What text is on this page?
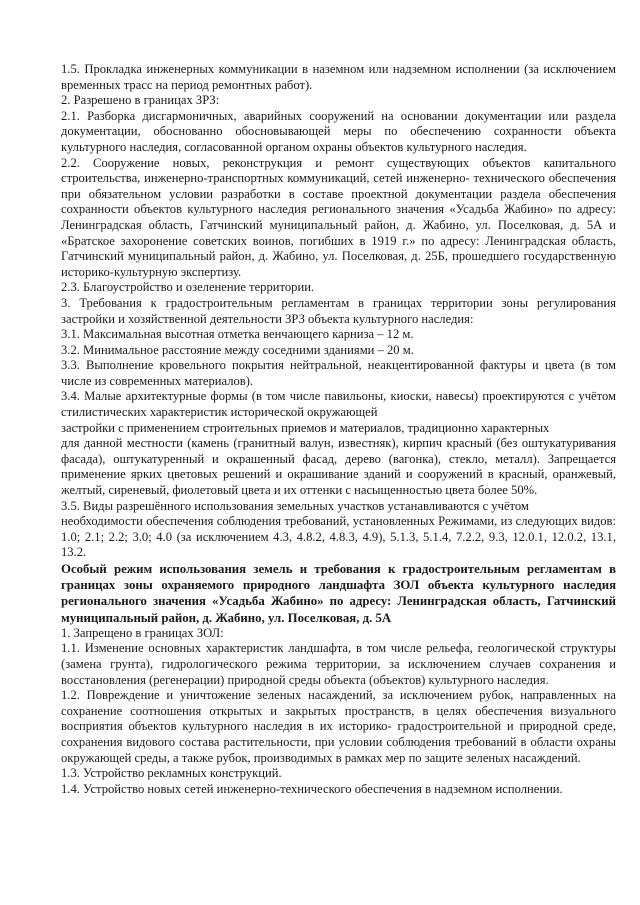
1.5. Прокладка инженерных коммуникации в наземном или надземном исполнении (за исключением временных трасс на период ремонтных работ).

2. Разрешено в границах ЗРЗ:

2.1. Разборка дисгармоничных, аварийных сооружений на основании документации или раздела документации, обоснованно обосновывающей меры по обеспечению сохранности объекта культурного наследия, согласованной органом охраны объектов культурного наследия.

2.2. Сооружение новых, реконструкция и ремонт существующих объектов капитального строительства, инженерно-транспортных коммуникаций, сетей инженерно- технического обеспечения при обязательном условии разработки в составе проектной документации раздела обеспечения сохранности объектов культурного наследия регионального значения «Усадьба Жабино» по адресу: Ленинградская область, Гатчинский муниципальный район, д. Жабино, ул. Поселковая, д. 5А и «Братское захоронение советских воинов, погибших в 1919 г.» по адресу: Ленинградская область, Гатчинский муниципальный район, д. Жабино, ул. Поселковая, д. 25Б, прошедшего государственную историко-культурную экспертизу.

2.3. Благоустройство и озеленение территории.

3. Требования к градостроительным регламентам в границах территории зоны регулирования застройки и хозяйственной деятельности ЗРЗ объекта культурного наследия:

3.1. Максимальная высотная отметка венчающего карниза – 12 м.

3.2. Минимальное расстояние между соседними зданиями – 20 м.

3.3. Выполнение кровельного покрытия нейтральной, неакцентированной фактуры и цвета (в том числе из современных материалов).

3.4. Малые архитектурные формы (в том числе павильоны, киоски, навесы) проектируются с учётом стилистических характеристик исторической окружающей

застройки с применением строительных приемов и материалов, традиционно характерных

для данной местности (камень (гранитный валун, известняк), кирпич красный (без оштукатуривания фасада), оштукатуренный и окрашенный фасад, дерево (вагонка), стекло, металл). Запрещается применение ярких цветовых решений и окрашивание зданий и сооружений в красный, оранжевый, желтый, сиреневый, фиолетовый цвета и их оттенки с насыщенностью цвета более 50%.

3.5. Виды разрешённого использования земельных участков устанавливаются с учётом

необходимости обеспечения соблюдения требований, установленных Режимами, из следующих видов: 1.0; 2.1; 2.2; 3.0; 4.0 (за исключением 4.3, 4.8.2, 4.8.3, 4.9), 5.1.3, 5.1.4, 7.2.2, 9.3, 12.0.1, 12.0.2, 13.1, 13.2.

Особый режим использования земель и требования к градостроительным регламентам в границах зоны охраняемого природного ландшафта ЗОЛ объекта культурного наследия регионального значения «Усадьба Жабино» по адресу: Ленинградская область, Гатчинский муниципальный район, д. Жабино, ул. Поселковая, д. 5А

1. Запрещено в границах ЗОЛ:

1.1. Изменение основных характеристик ландшафта, в том числе рельефа, геологической структуры (замена грунта), гидрологического режима территории, за исключением случаев сохранения и восстановления (регенерации) природной среды объекта (объектов) культурного наследия.

1.2. Повреждение и уничтожение зеленых насаждений, за исключением рубок, направленных на сохранение соотношения открытых и закрытых пространств, в целях обеспечения визуального восприятия объектов культурного наследия в их историко- градостроительной и природной среде, сохранения видового состава растительности, при условии соблюдения требований в области охраны окружающей среды, а также рубок, производимых в рамках мер по защите зеленых насаждений.

1.3. Устройство рекламных конструкций.

1.4. Устройство новых сетей инженерно-технического обеспечения в надземном исполнении.
